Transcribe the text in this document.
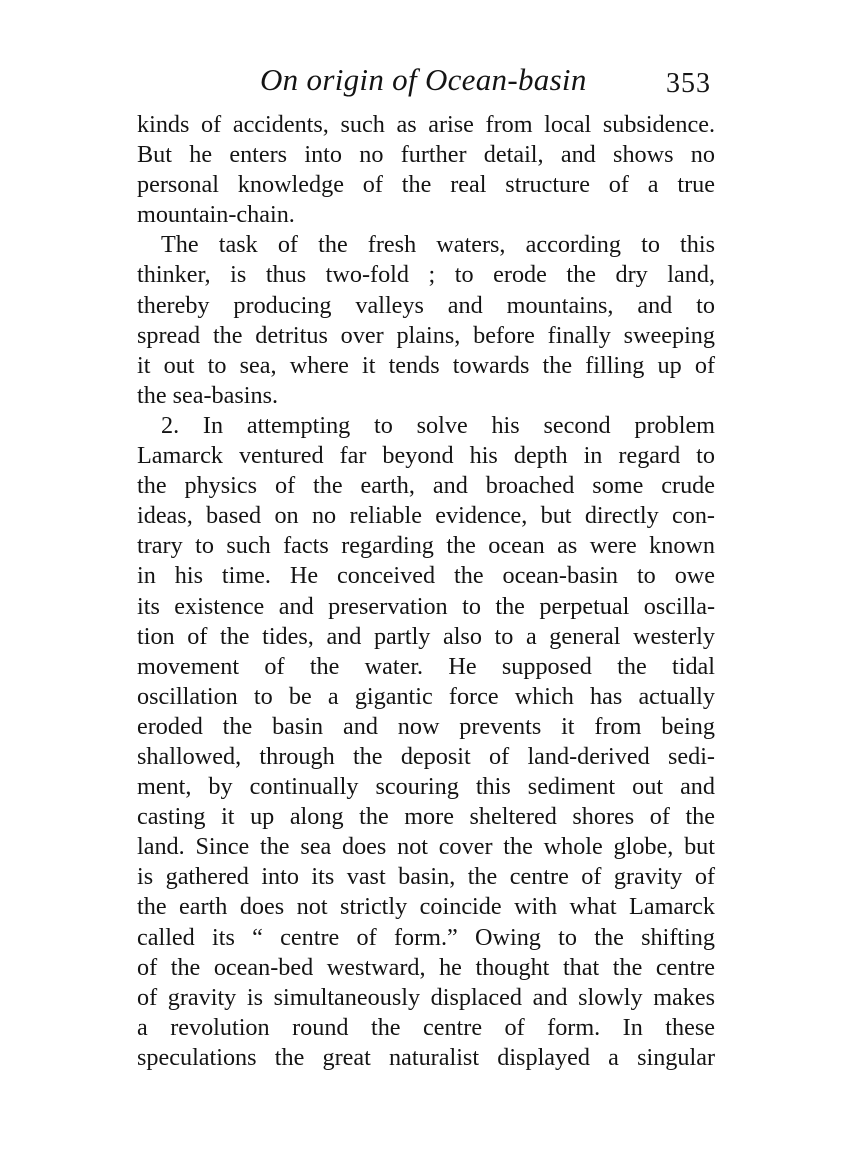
On origin of Ocean-basin	353
kinds of accidents, such as arise from local subsidence.
But he enters into no further detail, and shows no
personal knowledge of the real structure of a true
mountain-chain.
The task of the fresh waters, according to this
thinker, is thus two-fold ; to erode the dry land,
thereby producing valleys and mountains, and to
spread the detritus over plains, before finally sweeping
it out to sea, where it tends towards the filling up of
the sea-basins.
2. In attempting to solve his second problem
Lamarck ventured far beyond his depth in regard to
the physics of the earth, and broached some crude
ideas, based on no reliable evidence, but directly con-
trary to such facts regarding the ocean as were known
in his time. He conceived the ocean-basin to owe
its existence and preservation to the perpetual oscilla-
tion of the tides, and partly also to a general westerly
movement of the water. He supposed the tidal
oscillation to be a gigantic force which has actually
eroded the basin and now prevents it from being
shallowed, through the deposit of land-derived sedi-
ment, by continually scouring this sediment out and
casting it up along the more sheltered shores of the
land. Since the sea does not cover the whole globe, but
is gathered into its vast basin, the centre of gravity of
the earth does not strictly coincide with what Lamarck
called its “ centre of form.” Owing to the shifting
of the ocean-bed westward, he thought that the centre
of gravity is simultaneously displaced and slowly makes
a revolution round the centre of form. In these
speculations the great naturalist displayed a singular
